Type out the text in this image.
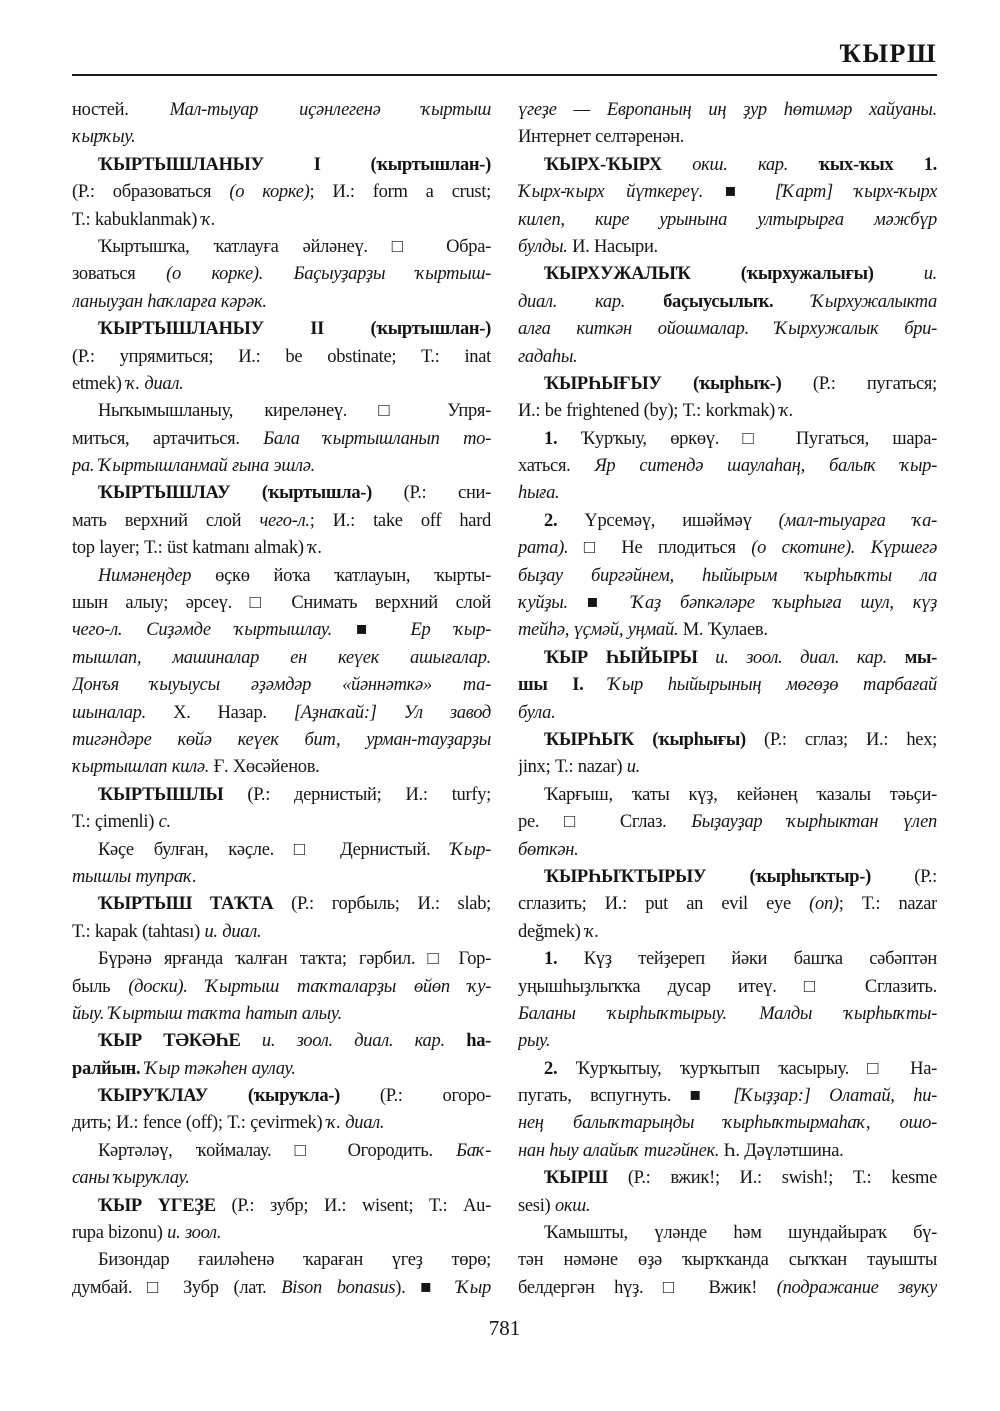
ҠЫРШ
ностей. Мал-тыуар иҫәнлегенә ҡыртыш
ҡырҡыу.
ҠЫРТЫШЛАНЫУ I (ҡыртышлан-)
(Р.: образоваться (о корке); И.: form a crust;
Т.: kabuklanmak) ҡ.
Ҡыртышҡа, ҡатлауға әйләнеү. □ Обра-
зоваться (о корке). Баҫыуҙарҙы ҡыртыш-
ланыуҙан һаҡларға кәрәк.
ҠЫРТЫШЛАНЫУ II (ҡыртышлан-)
(Р.: упрямиться; И.: be obstinate; Т.: inat
etmek) ҡ. диал.
Ныҡымышланыу, киреләнеү. □ Упря-
миться, артачиться. Бала ҡыртышланып то-
ра. Ҡыртышланмай ғына эшлә.
ҠЫРТЫШЛАУ (ҡыртышла-) (Р.: сни-
мать верхний слой чего-л.; И.: take off hard
top layer; Т.: üst katmanı almak) ҡ.
Нимәнеңдер өҫкө йоҡа ҡатлауын, ҡырты-
шын алыу; әрсеү. □ Снимать верхний слой
чего-л. Сиҙәмде ҡыртышлау. ■ Ер ҡыр-
тышлап, машиналар ен кеүек ашығалар.
Донъя ҡыуыусы әҙәмдәр «йәннәткә» та-
шыналар. Х. Назар. [Аҙнаҡай:] Ул завод
тигәндәре көйә кеүек бит, урман-тауҙарҙы
ҡыртышлап килә. Ғ. Хөсәйенов.
ҠЫРТЫШЛЫ (Р.: дернистый; И.: turfy;
Т.: çimenli) с.
Кәҫе булған, кәҫле. □ Дернистый. Ҡыр-
тышлы тупраҡ.
ҠЫРТЫШ ТАҠТА (Р.: горбыль; И.: slab;
Т.: kapak (tahtası) и. диал.
Бүрәнә ярғанда ҡалған таҡта; гәрбил. □ Гор-
быль (доски). Ҡыртыш таҡталарҙы өйөп ҡу-
йыу. Ҡыртыш таҡта һатып алыу.
ҠЫР ТӘКӘҺЕ и. зоол. диал. кар. һа-
ралйын. Ҡыр тәкәһен аулау.
ҠЫРУҠЛАУ (ҡыруҡла-) (Р.: огоро-
дить; И.: fence (off); Т.: çevirmek) ҡ. диал.
Кәртәләү, ҡоймалау. □ Огородить. Баҡ-
саны ҡыруҡлау.
ҠЫР ҮГЕҘЕ (Р.: зубр; И.: wisent; Т.: Au-
rupa bizonu) и. зоол.
Бизондар ғаиләһенә ҡараған үгеҙ төрө;
думбай. □ Зубр (лат. Bison bonasus). ■ Ҡыр
үгеҙе — Европаның иң ҙур һөтимәр хайуаны.
Интернет селтәренән.
ҠЫРХ-ҠЫРХ окш. кар. ҡых-ҡых 1.
Ҡырх-ҡырх йүткереү. ■ [Ҡарт] ҡырх-ҡырх
килеп, кире урынына ултырырға мәжбүр
булды. И. Насыри.
ҠЫРХУЖАЛЫҠ (ҡырхужалығы) и.
диал. кар. баҫыусылыҡ. Ҡырхужалыкта
алға киткән ойошмалар. Ҡырхужалык бри-
гадаһы.
ҠЫРҺЫҒЫУ (ҡырһыҡ-) (Р.: пугаться;
И.: be frightened (by); Т.: korkmak) ҡ.
1. Ҡурҡыу, өркөү. □ Пугаться, шара-
хаться. Яр ситендә шаулаһаң, балыҡ ҡыр-
һыға.
2. Үрсемәү, ишәймәү (мал-тыуарға ҡа-
рата). □ Не плодиться (о скотине). Күршегә
быҙау биргәйнем, һыйырым ҡырһыҡты ла
ҡуйҙы. ■ Ҡаҙ бәпкәләре ҡырһыға шул, күҙ
тейһә, үҫмәй, уңмай. М. Ҡулаев.
ҠЫР ҺЫЙЫРЫ и. зоол. диал. кар. мы-
шы I. Ҡыр һыйырының мөгөҙө тарбағай
була.
ҠЫРҺЫҠ (ҡырһығы) (Р.: сглаз; И.: hex;
jinx; Т.: nazar) и.
Ҡарғыш, ҡаты күҙ, кейәнең ҡазалы тәьҫи-
ре. □ Сглаз. Быҙауҙар ҡырһыктан үлеп
бөткән.
ҠЫРҺЫҠТЫРЫУ (ҡырһыҡтыр-) (Р.:
сглазить; И.: put an evil eye (on); Т.: nazar
değmek) ҡ.
1. Күҙ тейҙереп йәки башҡа сәбәптән
уңышһыҙлыҡҡа дусар итеү. □ Сглазить.
Баланы ҡырһыҡтырыу. Малды ҡырһыҡты-
рыу.
2. Ҡурҡытыу, ҡурҡытып ҡасырыу. □ На-
пугать, вспугнуть. ■ [Ҡыҙҙар:] Олатай, һи-
нең балыҡтарыңды ҡырһыҡтырмаһаҡ, ошо-
нан һыу алайыҡ тигәйнек. Һ. Дәүләтшина.
ҠЫРШ (Р.: вжик!; И.: swish!; Т.: kesme
sesi) окш.
Ҡамышты, үләнде һәм шундайыраҡ бү-
тән нәмәне өҙә ҡырҡҡанда сыҡҡан тауышты
белдергән һүҙ. □ Вжик! (подражание звуку
781
